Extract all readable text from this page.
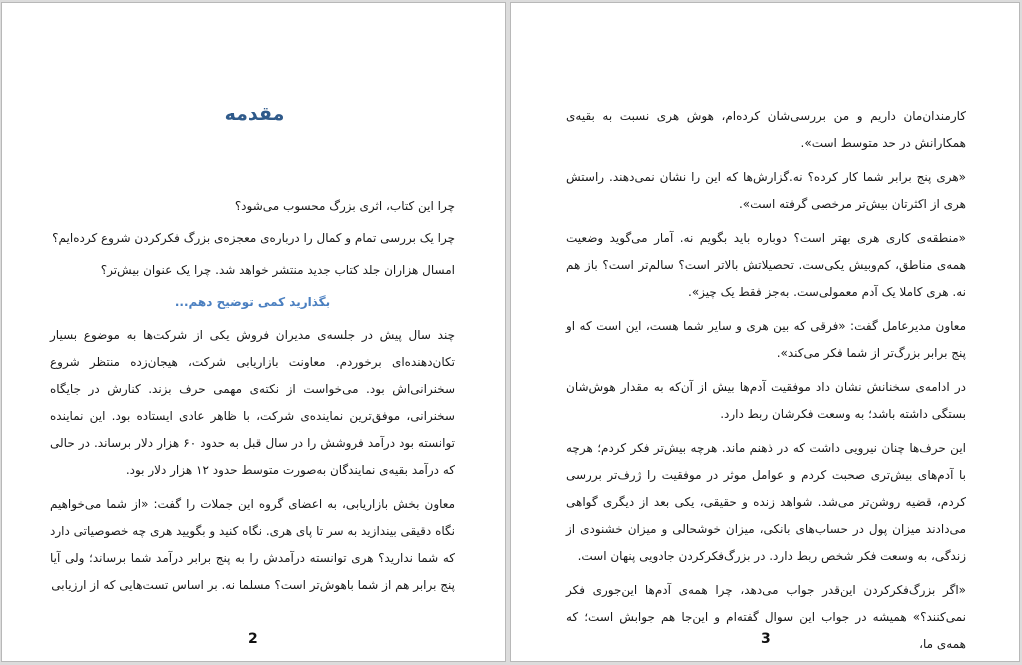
مقدمه

چرا این کتاب، اثری بزرگ محسوب می‌شود؟

چرا یک بررسی تمام و کمال را درباره‌ی معجزه‌ی بزرگ فکرکردن شروع کرده‌ایم؟

امسال هزاران جلد کتاب جدید منتشر خواهد شد. چرا یک عنوان بیش‌تر؟

بگذارید کمی توضیح دهم...

چند سال پیش در جلسه‌ی مدیران فروش یکی از شرکت‌ها به موضوع بسیار تکان‌دهنده‌ای برخوردم. معاونت بازاریابی شرکت، هیجان‌زده منتظر شروع سخنرانی‌اش بود. می‌خواست از نکته‌ی مهمی حرف بزند. کنارش در جایگاه سخنرانی، موفق‌ترین نماینده‌ی شرکت، با ظاهر عادی ایستاده بود. این نماینده توانسته بود درآمد فروشش را در سال قبل به حدود ۶۰ هزار دلار برساند. در حالی که درآمد بقیه‌ی نمایندگان به‌صورت متوسط حدود ۱۲ هزار دلار بود.

معاون بخش بازاریابی، به اعضای گروه این جملات را گفت: «از شما می‌خواهیم نگاه دقیقی بیندازید به سر تا پای هری. نگاه کنید و بگویید هری چه خصوصیاتی دارد که شما ندارید؟ هری توانسته درآمدش را به پنج برابر درآمد شما برساند؛ ولی آیا پنج برابر هم از شما باهوش‌تر است؟ مسلما نه. بر اساس تست‌هایی که از ارزیابی

2

کارمندان‌مان داریم و من بررسی‌شان کرده‌ام، هوش هری نسبت به بقیه‌ی همکارانش در حد متوسط است».

«هری پنج برابر شما کار کرده؟ نه.گزارش‌ها که این را نشان نمی‌دهند. راستش هری از اکثرتان بیش‌تر مرخصی گرفته است».

«منطقه‌ی کاری هری بهتر است؟ دوباره باید بگویم نه. آمار می‌گوید وضعیت همه‌ی مناطق، کم‌وبیش یکی‌ست. تحصیلاتش بالاتر است؟ سالم‌تر است؟ باز هم نه. هری کاملا یک آدم معمولی‌ست. به‌جز فقط یک چیز».

معاون مدیرعامل گفت: «فرقی که بین هری و سایر شما هست، این است که او پنج برابر بزرگ‌تر از شما فکر می‌کند».

در ادامه‌ی سخنانش نشان داد موفقیت آدم‌ها بیش از آن‌که به مقدار هوش‌شان بستگی داشته باشد؛ به وسعت فکرشان ربط دارد.

این حرف‌ها چنان نیرویی داشت که در ذهنم ماند. هرچه بیش‌تر فکر کردم؛ هرچه با آدم‌های بیش‌تری صحبت کردم و عوامل موثر در موفقیت را ژرف‌تر بررسی کردم، قضیه روشن‌تر می‌شد. شواهد زنده و حقیقی، یکی بعد از دیگری گواهی می‌دادند میزان پول در حساب‌های بانکی، میزان خوشحالی و میزان خشنودی از زندگی، به وسعت فکر شخص ربط دارد. در بزرگ‌فکرکردن جادویی پنهان است.

«اگر بزرگ‌فکرکردن این‌قدر جواب می‌دهد، چرا همه‌ی آدم‌ها این‌جوری فکر نمی‌کنند؟» همیشه در جواب این سوال گفته‌ام و این‌جا هم جوابش است؛ که همه‌ی ما،

3
